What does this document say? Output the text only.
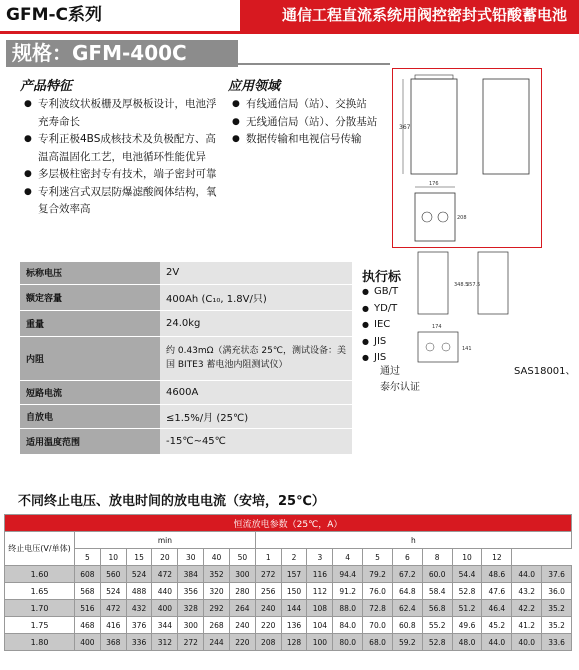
GFM-C系列	通信工程直流系统用阀控密封式铅酸蓄电池
规格：GFM-400C
产品特征
● 专利波纹状板栅及厚极板设计，电池浮充寿命长
● 专利正极4BS成核技术及负极配方、高温高温固化工艺，电池循环性能优异
● 多层极柱密封专有技术，端子密封可靠
● 专利迷宫式双层防爆滤酸阀体结构，氧复合效率高
应用领域
● 有线通信局（站）、交换站
● 无线通信局（站）、分散基站
● 数据传输和电视信号传输
367
176
208
348.5
357.5
174
141
标称电压	2V
额定容量	400Ah (C₁₀, 1.8V/只)
重量	24.0kg
内阻	约 0.43mΩ（满充状态 25℃，测试设备：美国 BITE3 蓄电池内阻测试仪）
短路电流	4600A
自放电	≤1.5%/月 (25℃)
适用温度范围	-15℃~45℃
执行标
● GB/T
● YD/T
● IEC
● JIS
● JIS
通过	SAS18001、
泰尔认证
不同终止电压、放电时间的放电电流（安培，25℃）
恒流放电参数（25℃，A）																		
终止电压(V/单体)	min							h										
	5	10	15	20	30	40	50	1	2	3	4	5	6	8	10	12		
1.60	608	560	524	472	384	352	300	272	157	116	94.4	79.2	67.2	60.0	54.4	48.6	44.0	37.6
1.65	568	524	488	440	356	320	280	256	150	112	91.2	76.0	64.8	58.4	52.8	47.6	43.2	36.0
1.70	516	472	432	400	328	292	264	240	144	108	88.0	72.8	62.4	56.8	51.2	46.4	42.2	35.2
1.75	468	416	376	344	300	268	240	220	136	104	84.0	70.0	60.8	55.2	49.6	45.2	41.2	35.2
1.80	400	368	336	312	272	244	220	208	128	100	80.0	68.0	59.2	52.8	48.0	44.0	40.0	33.6
